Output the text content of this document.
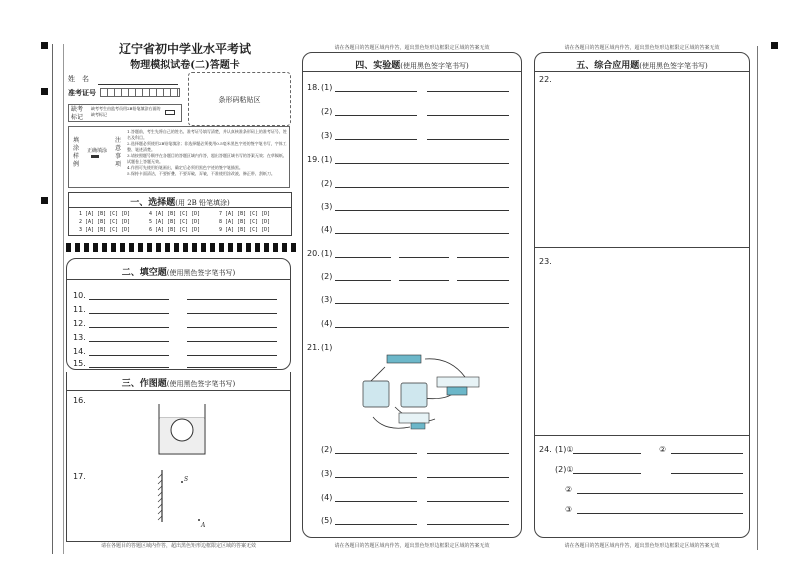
辽宁省初中学业水平考试
物理模拟试卷(二)答题卡
姓　名
准考证号
条形码粘贴区
缺考
标记
缺考考生由监考员用2B铅笔填涂右面的缺考标记
填
涂
样
例
正确填涂
注
意
事
项
1.答题前，考生先将自己的姓名、准考证号填写清楚，并认真核准条形码上的准考证号、姓名及科目。
2.选择题必须使用2B铅笔填涂；非选择题必须使用0.5毫米黑色字迹的签字笔书写，字体工整、笔迹清楚。
3.请按照题号顺序在各题目的答题区域内作答，超出答题区域书写的答案无效；在草稿纸、试题卷上答题无效。
4.作图可先使用铅笔画出，确定后必须用黑色字迹的签字笔描黑。
5.保持卡面清洁，不要折叠、不要弄破、弄皱，不准使用涂改液、修正带、刮纸刀。
一、选择题(用 2B 铅笔填涂)
1 [A] [B] [C] [D]	4 [A] [B] [C] [D]	7 [A] [B] [C] [D]
2 [A] [B] [C] [D]	5 [A] [B] [C] [D]	8 [A] [B] [C] [D]
3 [A] [B] [C] [D]	6 [A] [B] [C] [D]	9 [A] [B] [C] [D]
二、填空题(使用黑色签字笔书写)
10.
11.
12.
13.
14.
15.
三、作图题(使用黑色签字笔书写)
16.
17.	S
A
请在各题目的答题区域内作答，超出黑色矩形边框限定区域的答案无效
请在各题目的答题区域内作答，超出黑色矩形边框限定区域的答案无效
四、实验题(使用黑色签字笔书写)
18. (1)
(2)
(3)
19. (1)
(2)
(3)
(4)
20. (1)
(2)
(3)
(4)
21. (1)
(2)
(3)
(4)
(5)
请在各题目的答题区域内作答，超出黑色矩形边框限定区域的答案无效
请在各题目的答题区域内作答，超出黑色矩形边框限定区域的答案无效
五、综合应用题(使用黑色签字笔书写)
22.
23.
24. (1)①	②
(2)①
②
③
请在各题目的答题区域内作答，超出黑色矩形边框限定区域的答案无效
